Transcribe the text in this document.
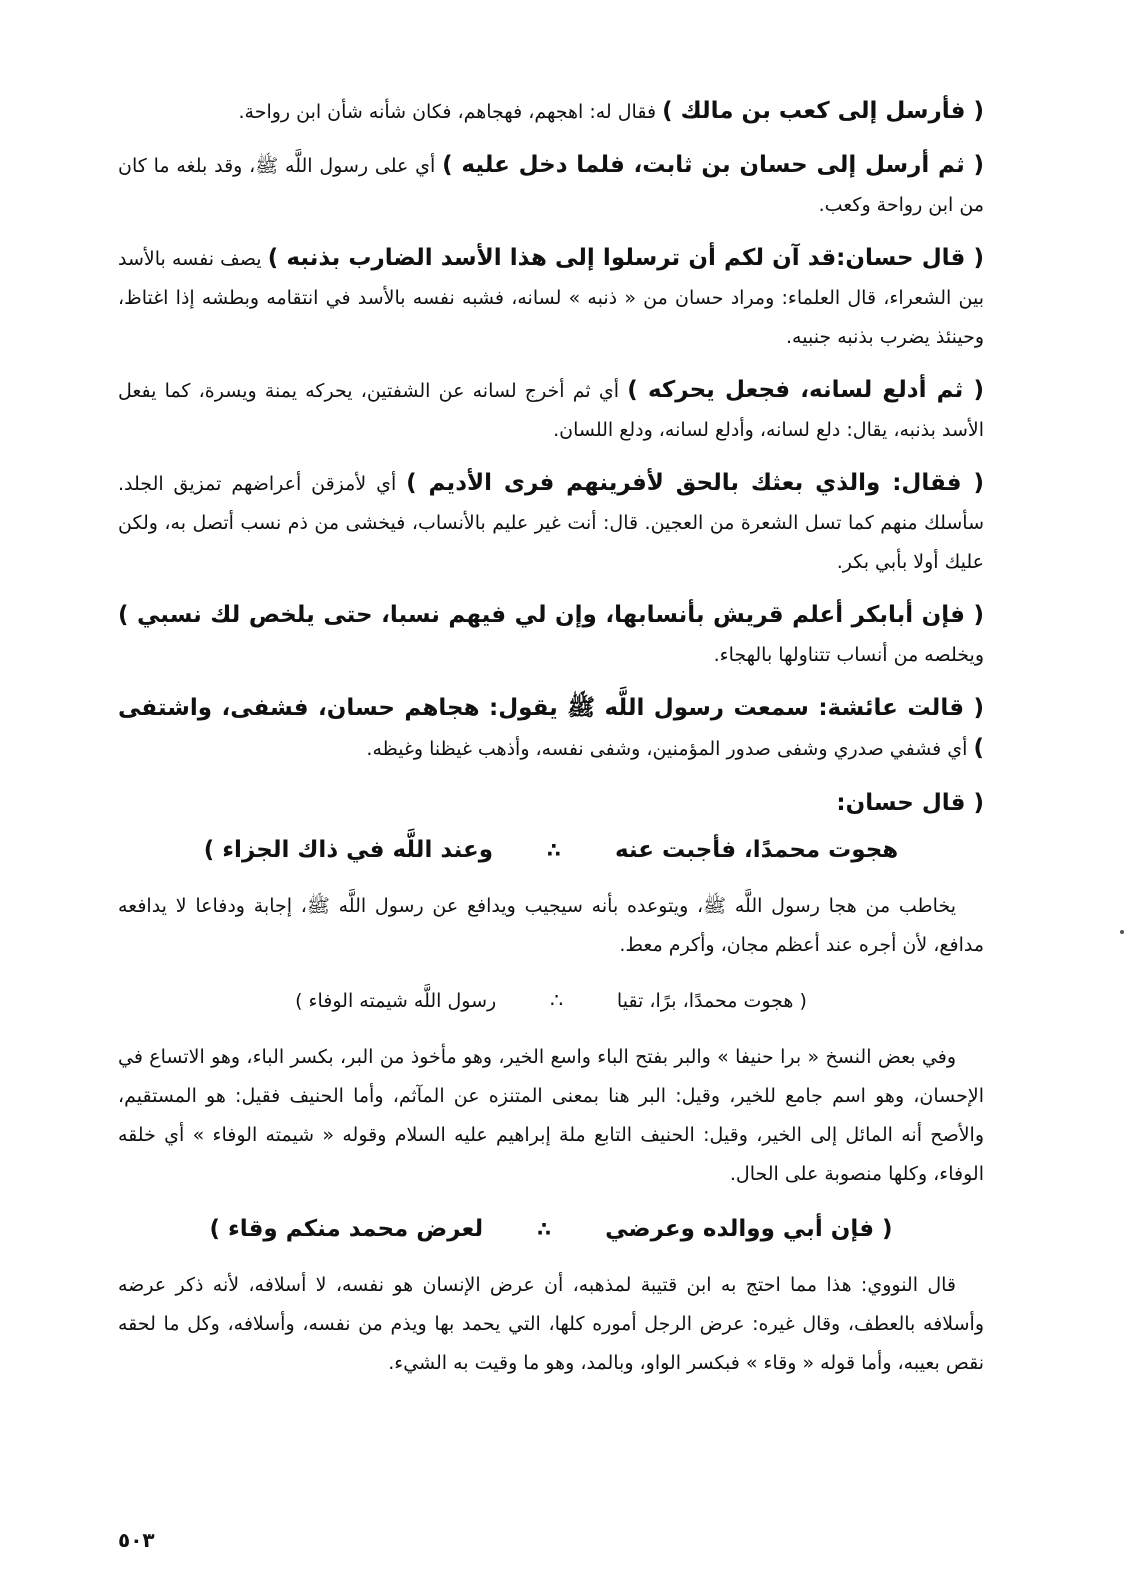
( فأرسل إلى كعب بن مالك ) فقال له: اهجهم، فهجاهم، فكان شأنه شأن ابن رواحة.

( ثم أرسل إلى حسان بن ثابت، فلما دخل عليه ) أي على رسول اللَّه ﷺ، وقد بلغه ما كان من ابن رواحة وكعب.

( قال حسان:قد آن لكم أن ترسلوا إلى هذا الأسد الضارب بذنبه ) يصف نفسه بالأسد بين الشعراء، قال العلماء: ومراد حسان من « ذنبه » لسانه، فشبه نفسه بالأسد في انتقامه وبطشه إذا اغتاظ، وحينئذ يضرب بذنبه جنبيه.

( ثم أدلع لسانه، فجعل يحركه ) أي ثم أخرج لسانه عن الشفتين، يحركه يمنة ويسرة، كما يفعل الأسد بذنبه، يقال: دلع لسانه، وأدلع لسانه، ودلع اللسان.

( فقال: والذي بعثك بالحق لأفرينهم فرى الأديم ) أي لأمزقن أعراضهم تمزيق الجلد. سأسلك منهم كما تسل الشعرة من العجين. قال: أنت غير عليم بالأنساب، فيخشى من ذم نسب أتصل به، ولكن عليك أولا بأبي بكر.

( فإن أبابكر أعلم قريش بأنسابها، وإن لي فيهم نسبا، حتى يلخص لك نسبي ) ويخلصه من أنساب تتناولها بالهجاء.

( قالت عائشة: سمعت رسول اللَّه ﷺ يقول: هجاهم حسان، فشفى، واشتفى ) أي فشفي صدري وشفى صدور المؤمنين، وشفى نفسه، وأذهب غيظنا وغيظه.

( قال حسان:

هجوت محمدًا، فأجبت عنه
∴
وعند اللَّه في ذاك الجزاء )

يخاطب من هجا رسول اللَّه ﷺ، ويتوعده بأنه سيجيب ويدافع عن رسول اللَّه ﷺ، إجابة ودفاعا لا يدافعه مدافع، لأن أجره عند أعظم مجان، وأكرم معط.

( هجوت محمدًا، برًا، تقيا
∴
رسول اللَّه شيمته الوفاء )

وفي بعض النسخ « برا حنيفا » والبر بفتح الباء واسع الخير، وهو مأخوذ من البر، بكسر الباء، وهو الاتساع في الإحسان، وهو اسم جامع للخير، وقيل: البر هنا بمعنى المتنزه عن المآثم، وأما الحنيف فقيل: هو المستقيم، والأصح أنه المائل إلى الخير، وقيل: الحنيف التابع ملة إبراهيم عليه السلام وقوله « شيمته الوفاء » أي خلقه الوفاء، وكلها منصوبة على الحال.

( فإن أبي ووالده وعرضي
∴
لعرض محمد منكم وقاء )

قال النووي: هذا مما احتج به ابن قتيبة لمذهبه، أن عرض الإنسان هو نفسه، لا أسلافه، لأنه ذكر عرضه وأسلافه بالعطف، وقال غيره: عرض الرجل أموره كلها، التي يحمد بها ويذم من نفسه، وأسلافه، وكل ما لحقه نقص بعيبه، وأما قوله « وقاء » فبكسر الواو، وبالمد، وهو ما وقيت به الشيء.

٥٠٣
